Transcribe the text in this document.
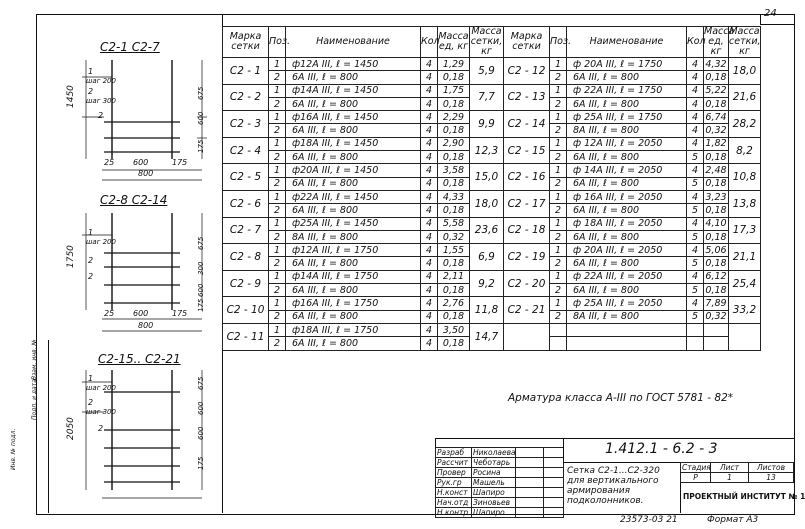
24
Инв. № подл.
Подп. и дата
Взам. инв. №
С2-1 С2-7
1450	675
600
175
1
шаг 200
2
шаг 300
2
25 600	175
800
С2-8 С2-14
1750
675
300
600
175
1
шаг 200
2
2
25 600	175
800
С2-15.. С2-21
2050
675
600
600
175
1
шаг 200
2
шаг 300
2
Марка сетки	Поз.	Наименование	Кол	Масса ед, кг	Масса сетки, кг	Марка сетки	Поз.	Наименование	Кол	Масса ед, кг	Масса сетки, кг
С2 - 1	1	ф12А ІІІ, ℓ = 1450	4	1,29	5,9	С2 - 12	1	ф 20А ІІІ, ℓ = 1750	4	4,32	18,0
	2	6А ІІІ, ℓ = 800	4	0,18			2	6А ІІІ, ℓ = 800	4	0,18	
С2 - 2	1	ф14А ІІІ, ℓ = 1450	4	1,75	7,7	С2 - 13	1	ф 22А ІІІ, ℓ = 1750	4	5,22	21,6
	2	6А ІІІ, ℓ = 800	4	0,18			2	6А ІІІ, ℓ = 800	4	0,18	
С2 - 3	1	ф16А ІІІ, ℓ = 1450	4	2,29	9,9	С2 - 14	1	ф 25А ІІІ, ℓ = 1750	4	6,74	28,2
	2	6А ІІІ, ℓ = 800	4	0,18			2	8А ІІІ, ℓ = 800	4	0,32	
С2 - 4	1	ф18А ІІІ, ℓ = 1450	4	2,90	12,3	С2 - 15	1	ф 12А ІІІ, ℓ = 2050	4	1,82	8,2
	2	6А ІІІ, ℓ = 800	4	0,18			2	6А ІІІ, ℓ = 800	5	0,18	
С2 - 5	1	ф20А ІІІ, ℓ = 1450	4	3,58	15,0	С2 - 16	1	ф 14А ІІІ, ℓ = 2050	4	2,48	10,8
	2	6А ІІІ, ℓ = 800	4	0,18			2	6А ІІІ, ℓ = 800	5	0,18	
С2 - 6	1	ф22А ІІІ, ℓ = 1450	4	4,33	18,0	С2 - 17	1	ф 16А ІІІ, ℓ = 2050	4	3,23	13,8
	2	6А ІІІ, ℓ = 800	4	0,18			2	6А ІІІ, ℓ = 800	5	0,18	
С2 - 7	1	ф25А ІІІ, ℓ = 1450	4	5,58	23,6	С2 - 18	1	ф 18А ІІІ, ℓ = 2050	4	4,10	17,3
	2	8А ІІІ, ℓ = 800	4	0,32			2	6А ІІІ, ℓ = 800	5	0,18	
С2 - 8	1	ф12А ІІІ, ℓ = 1750	4	1,55	6,9	С2 - 19	1	ф 20А ІІІ, ℓ = 2050	4	5,06	21,1
	2	6А ІІІ, ℓ = 800	4	0,18			2	6А ІІІ, ℓ = 800	5	0,18	
С2 - 9	1	ф14А ІІІ, ℓ = 1750	4	2,11	9,2	С2 - 20	1	ф 22А ІІІ, ℓ = 2050	4	6,12	25,4
	2	6А ІІІ, ℓ = 800	4	0,18			2	6А ІІІ, ℓ = 800	5	0,18	
С2 - 10	1	ф16А ІІІ, ℓ = 1750	4	2,76	11,8	С2 - 21	1	ф 25А ІІІ, ℓ = 2050	4	7,89	33,2
	2	6А ІІІ, ℓ = 800	4	0,18			2	8А ІІІ, ℓ = 800	5	0,32	
С2 - 11	1	ф18А ІІІ, ℓ = 1750	4	3,50	14,7						
	2	6А ІІІ, ℓ = 800	4	0,18							
Арматура класса А-ІІІ по ГОСТ 5781 - 82*
Разраб	Николаева		
Рассчит	Чеботарь		
Провер	Росина		
Рук.гр	Машель		
Н.конст	Шапиро		
Нач.отд	Зиновьев		
Н.контр	Шапиро		
1.412.1 - 6.2 - 3
Сетка С2-1...С2-320 для вертикального армирования подколонников.
Стадия	Лист	Листов
Р	1	13
ПРОЕКТНЫЙ ИНСТИТУТ № 1
23573-03 21	Формат А3
